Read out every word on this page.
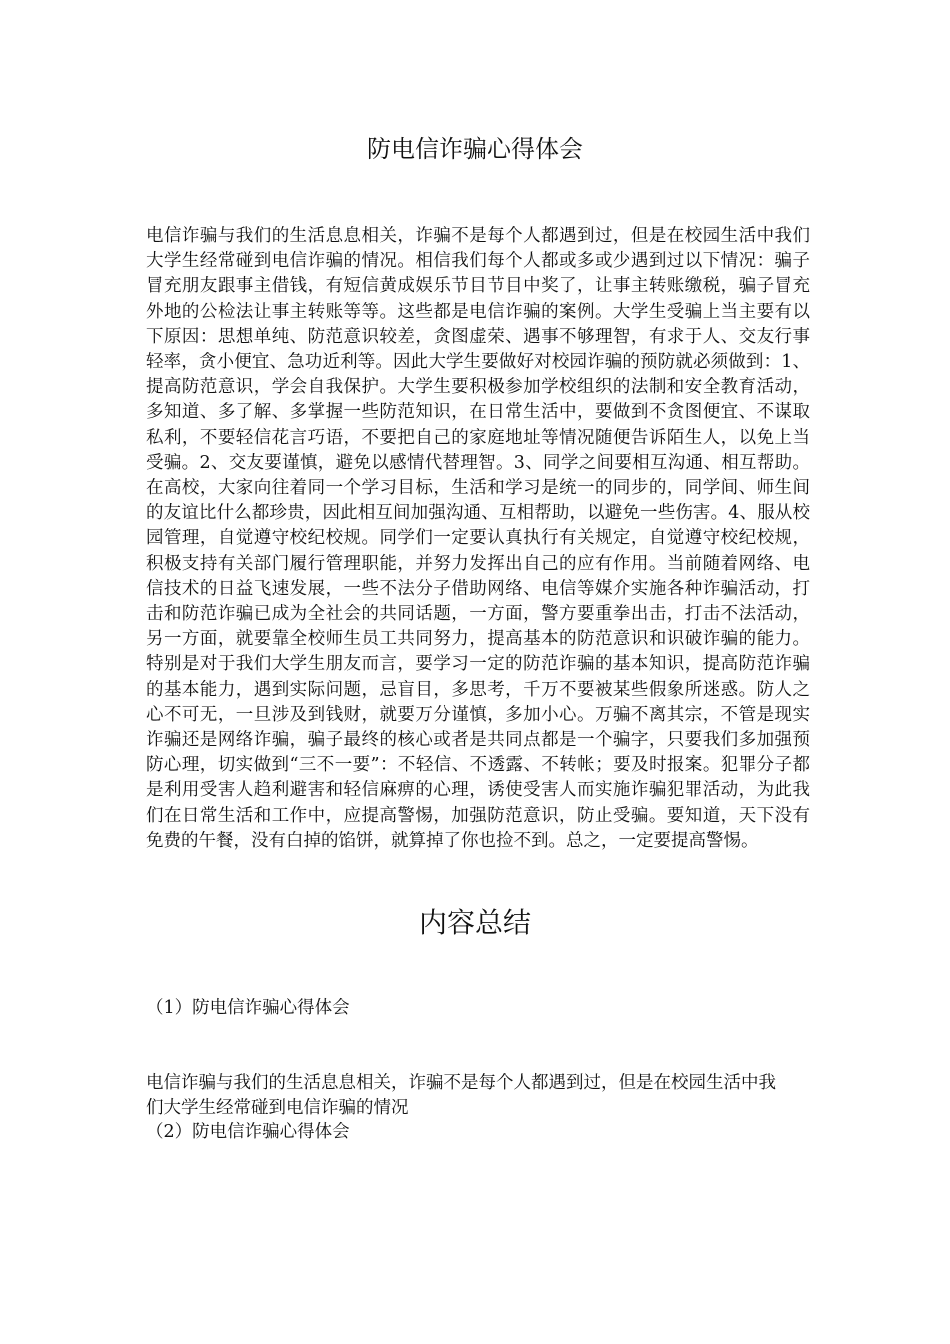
防电信诈骗心得体会

电信诈骗与我们的生活息息相关，诈骗不是每个人都遇到过，但是在校园生活中我们大学生经常碰到电信诈骗的情况。相信我们每个人都或多或少遇到过以下情况：骗子冒充朋友跟事主借钱，有短信黄成娱乐节目节目中奖了，让事主转账缴税，骗子冒充外地的公检法让事主转账等等。这些都是电信诈骗的案例。大学生受骗上当主要有以下原因：思想单纯、防范意识较差，贪图虚荣、遇事不够理智，有求于人、交友行事轻率，贪小便宜、急功近利等。因此大学生要做好对校园诈骗的预防就必须做到：1、提高防范意识，学会自我保护。大学生要积极参加学校组织的法制和安全教育活动，多知道、多了解、多掌握一些防范知识，在日常生活中，要做到不贪图便宜、不谋取私利，不要轻信花言巧语，不要把自己的家庭地址等情况随便告诉陌生人，以免上当受骗。2、交友要谨慎，避免以感情代替理智。3、同学之间要相互沟通、相互帮助。在高校，大家向往着同一个学习目标，生活和学习是统一的同步的，同学间、师生间的友谊比什么都珍贵，因此相互间加强沟通、互相帮助，以避免一些伤害。4、服从校园管理，自觉遵守校纪校规。同学们一定要认真执行有关规定，自觉遵守校纪校规，积极支持有关部门履行管理职能，并努力发挥出自己的应有作用。当前随着网络、电信技术的日益飞速发展，一些不法分子借助网络、电信等媒介实施各种诈骗活动，打击和防范诈骗已成为全社会的共同话题，一方面，警方要重拳出击，打击不法活动，另一方面，就要靠全校师生员工共同努力，提高基本的防范意识和识破诈骗的能力。特别是对于我们大学生朋友而言，要学习一定的防范诈骗的基本知识，提高防范诈骗的基本能力，遇到实际问题，忌盲目，多思考，千万不要被某些假象所迷惑。防人之心不可无，一旦涉及到钱财，就要万分谨慎，多加小心。万骗不离其宗，不管是现实诈骗还是网络诈骗，骗子最终的核心或者是共同点都是一个骗字，只要我们多加强预防心理，切实做到“三不一要”：不轻信、不透露、不转帐；要及时报案。犯罪分子都是利用受害人趋利避害和轻信麻痹的心理，诱使受害人而实施诈骗犯罪活动，为此我们在日常生活和工作中，应提高警惕，加强防范意识，防止受骗。要知道，天下没有免费的午餐，没有白掉的馅饼，就算掉了你也捡不到。总之，一定要提高警惕。

内容总结

（1）防电信诈骗心得体会

电信诈骗与我们的生活息息相关，诈骗不是每个人都遇到过，但是在校园生活中我们大学生经常碰到电信诈骗的情况

（2）防电信诈骗心得体会
